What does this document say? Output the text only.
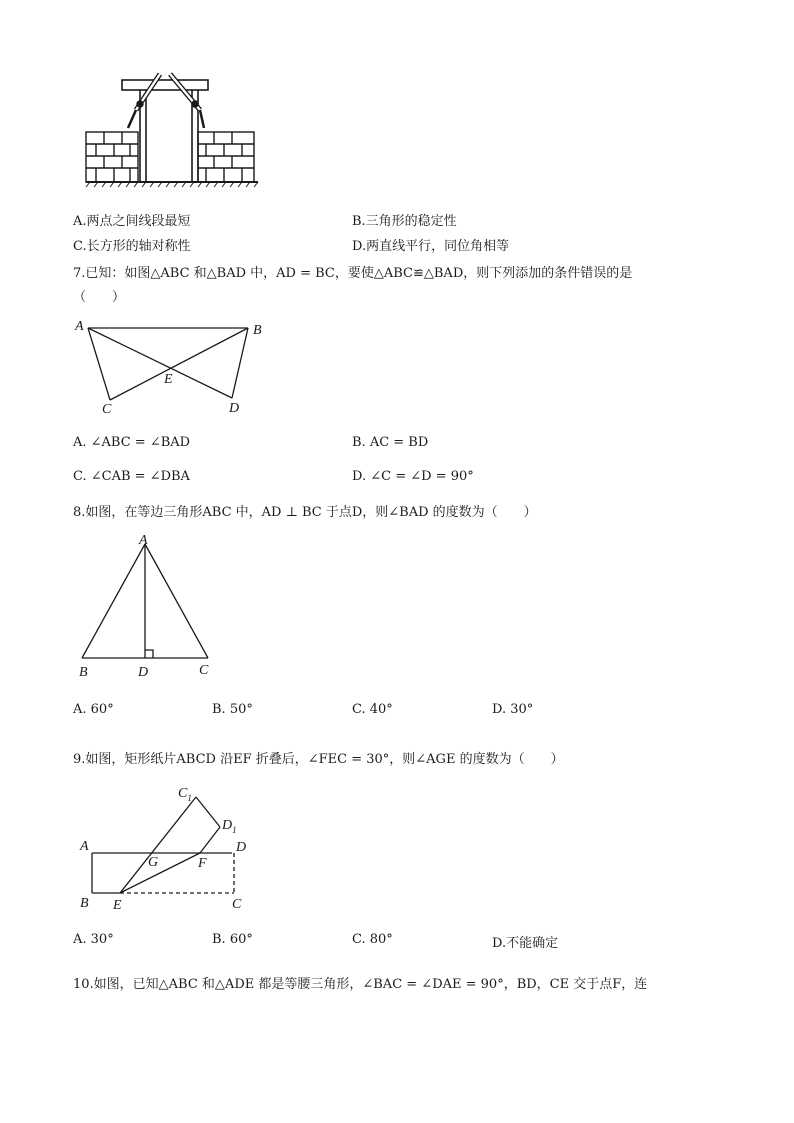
A.两点之间线段最短	B.三角形的稳定性
C.长方形的轴对称性	D.两直线平行，同位角相等
7.已知：如图△ABC 和△BAD 中，AD = BC，要使△ABC≌△BAD，则下列添加的条件错误的是
（　　）
A	B
C	D
E
A. ∠ABC = ∠BAD	B. AC = BD
C. ∠CAB = ∠DBA	D. ∠C = ∠D = 90°
8.如图，在等边三角形ABC 中，AD ⊥ BC 于点D，则∠BAD 的度数为（　　）
A
B	D	C
A. 60°	B. 50°	C. 40°	D. 30°
9.如图，矩形纸片ABCD 沿EF 折叠后，∠FEC = 30°，则∠AGE 的度数为（　　）
A
B E	C
D
G	F
$C_1$
$D_1$
A. 30°	B. 60°	C. 80°	D.不能确定
10.如图，已知△ABC 和△ADE 都是等腰三角形，∠BAC = ∠DAE = 90°，BD，CE 交于点F，连
